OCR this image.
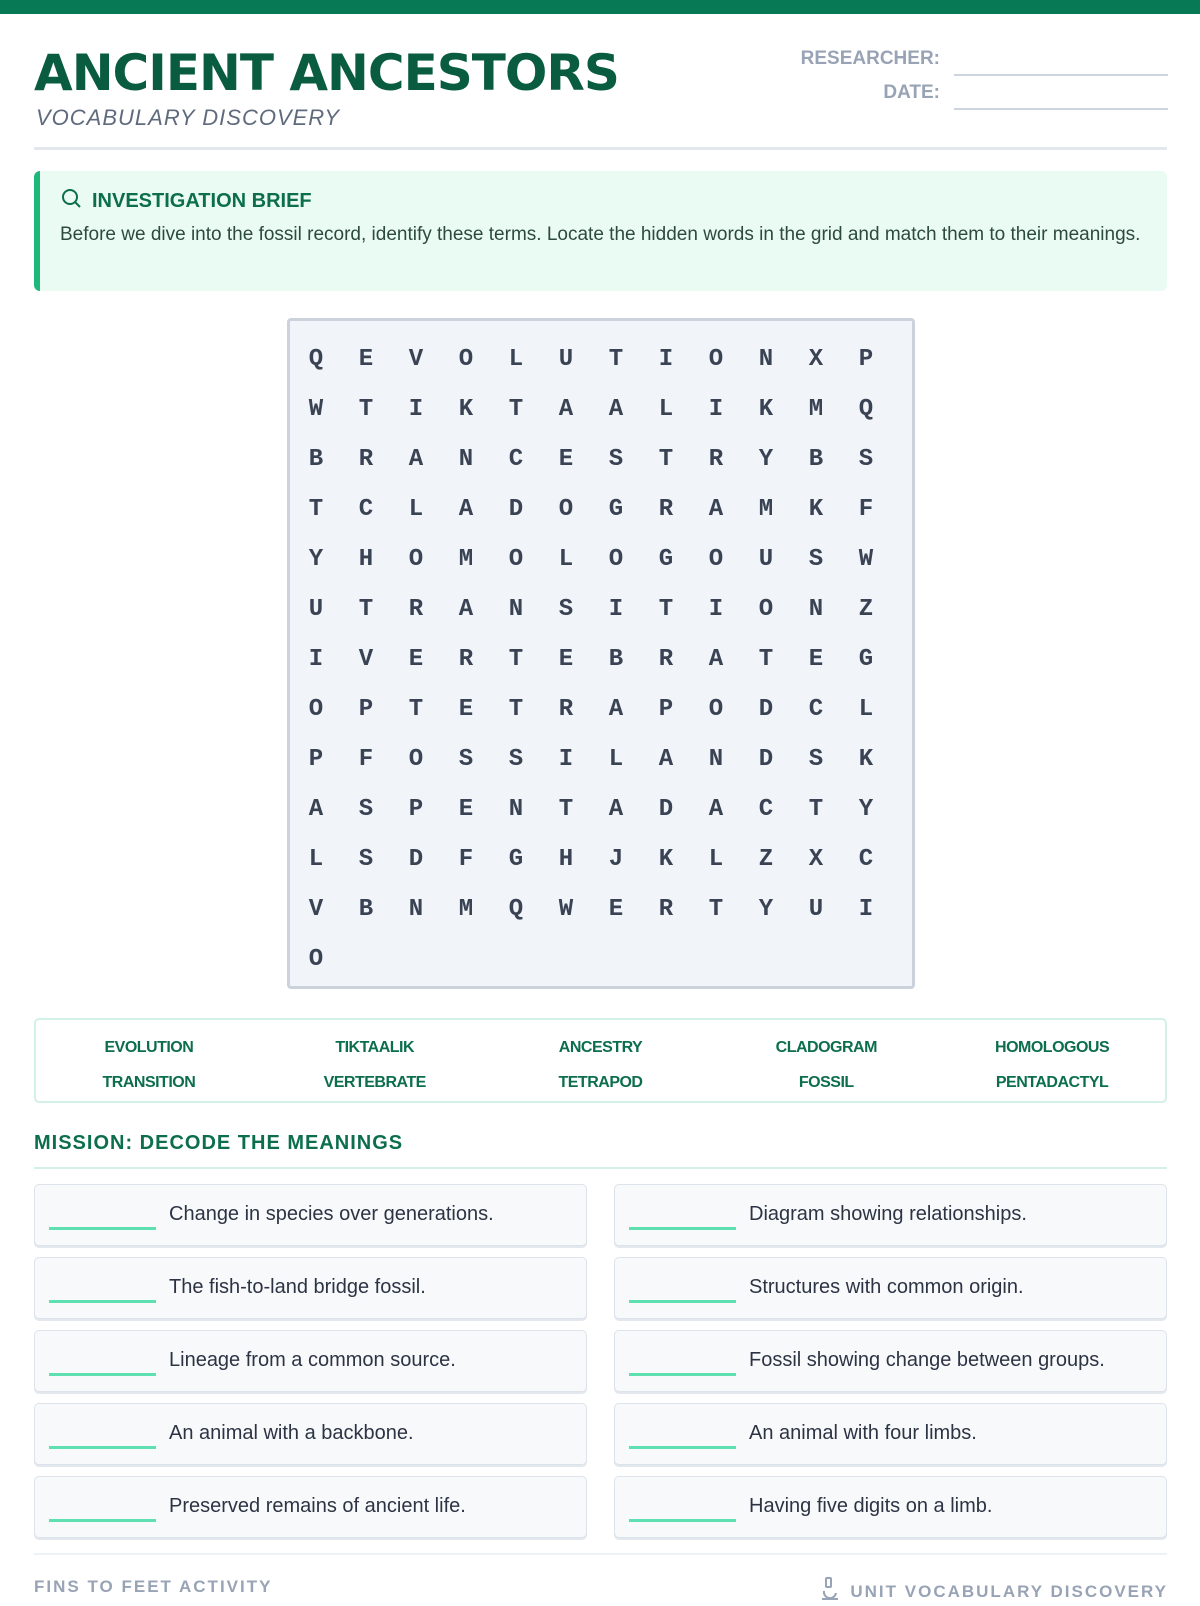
ANCIENT ANCESTORS
VOCABULARY DISCOVERY
RESEARCHER:
DATE:
INVESTIGATION BRIEF
Before we dive into the fossil record, identify these terms. Locate the hidden words in the grid and match them to their meanings.
Q	E	V	O	L	U	T	I	O	N	X	P
W	T	I	K	T	A	A	L	I	K	M	Q
B	R	A	N	C	E	S	T	R	Y	B	S
T	C	L	A	D	O	G	R	A	M	K	F
Y	H	O	M	O	L	O	G	O	U	S	W
U	T	R	A	N	S	I	T	I	O	N	Z
I	V	E	R	T	E	B	R	A	T	E	G
O	P	T	E	T	R	A	P	O	D	C	L
P	F	O	S	S	I	L	A	N	D	S	K
A	S	P	E	N	T	A	D	A	C	T	Y
L	S	D	F	G	H	J	K	L	Z	X	C
V	B	N	M	Q	W	E	R	T	Y	U	I
O
EVOLUTION	TIKTAALIK	ANCESTRY	CLADOGRAM	HOMOLOGOUS
TRANSITION	VERTEBRATE	TETRAPOD	FOSSIL	PENTADACTYL
MISSION: DECODE THE MEANINGS
Change in species over generations.	Diagram showing relationships.
The fish-to-land bridge fossil.	Structures with common origin.
Lineage from a common source.	Fossil showing change between groups.
An animal with a backbone.	An animal with four limbs.
Preserved remains of ancient life.	Having five digits on a limb.
FINS TO FEET ACTIVITY	UNIT VOCABULARY DISCOVERY
